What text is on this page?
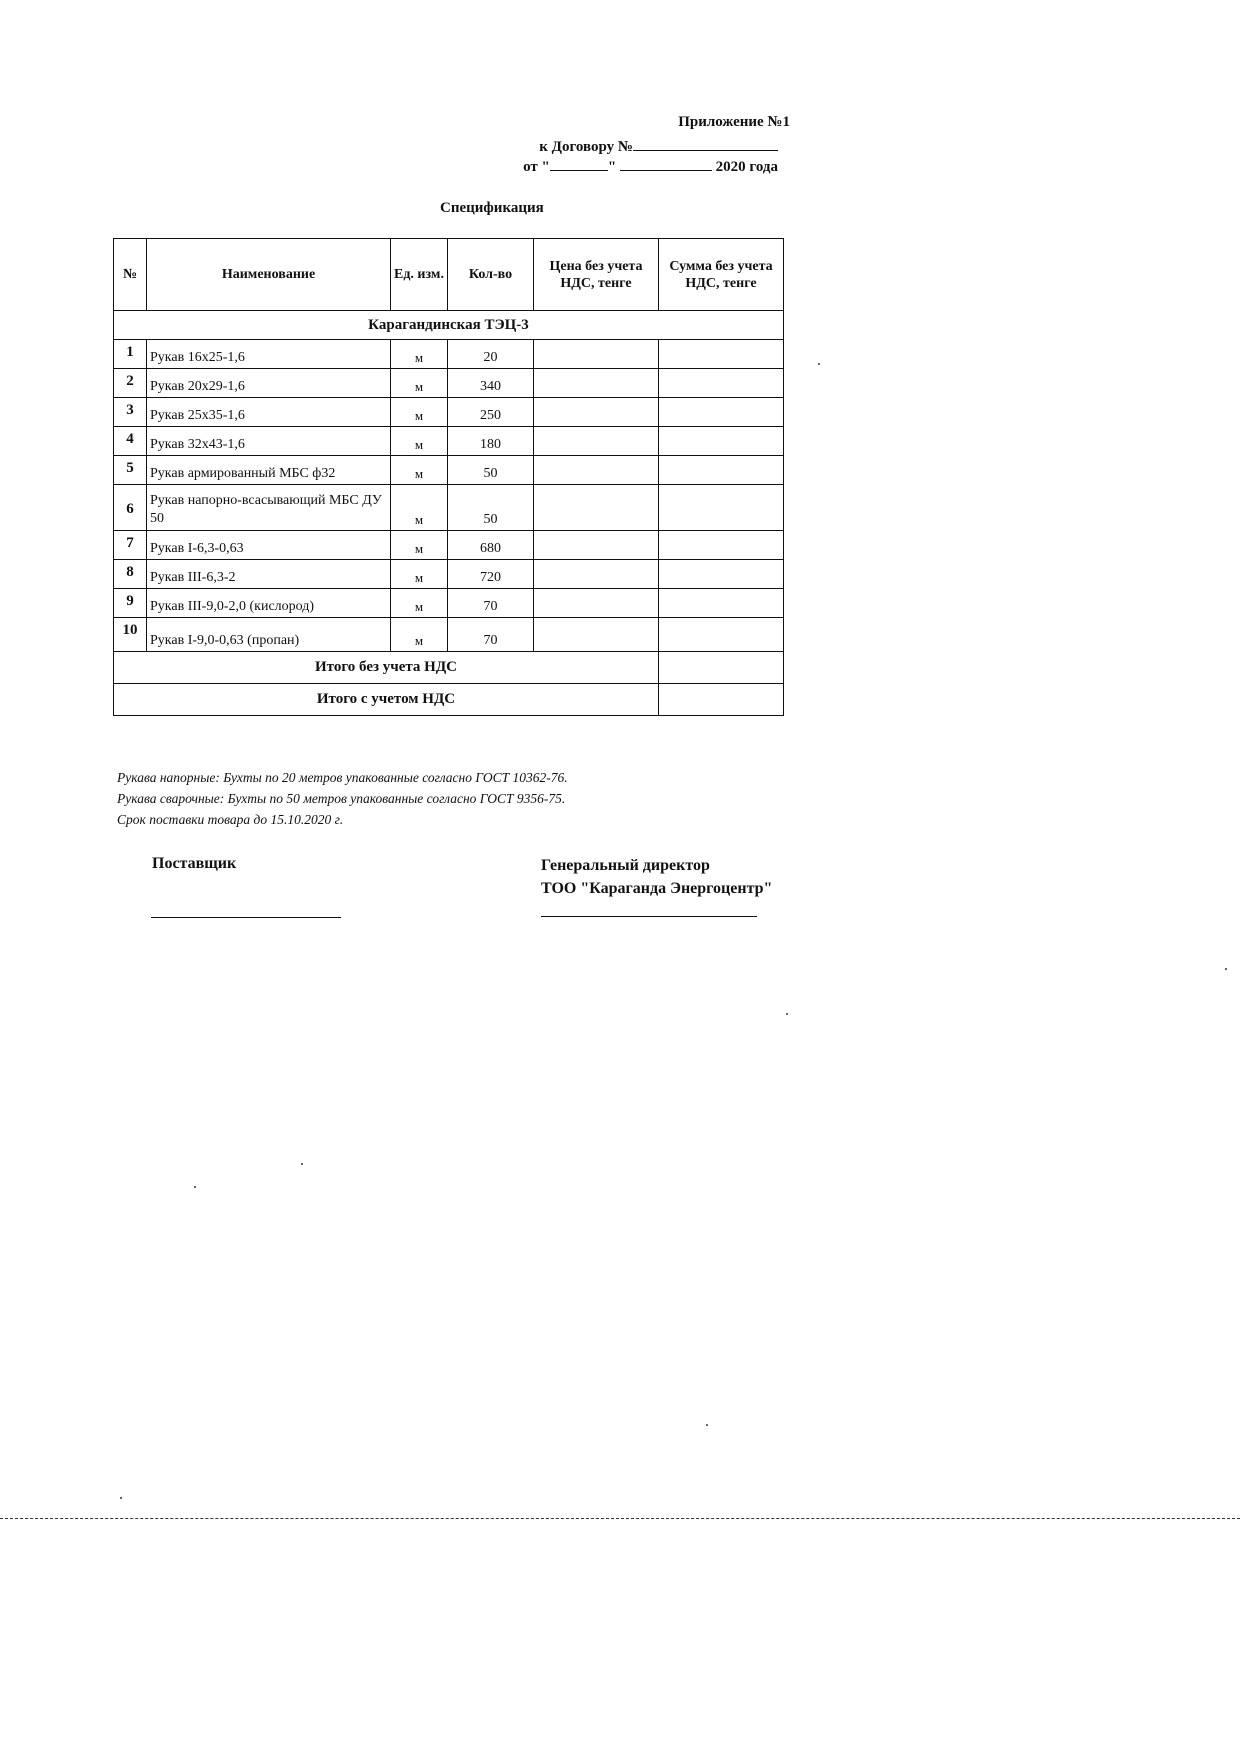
Приложение №1
к Договору №
от "	"	2020 года
Спецификация
№	Наименование	Ед. изм.	Кол-во	Цена без учета НДС, тенге	Сумма без учета НДС, тенге
Карагандинская ТЭЦ-3					
1	Рукав 16х25-1,6	м	20		
2	Рукав 20х29-1,6	м	340		
3	Рукав 25х35-1,6	м	250		
4	Рукав 32х43-1,6	м	180		
5	Рукав армированный МБС ф32	м	50		
6	Рукав напорно-всасывающий МБС ДУ 50	м	50		
7	Рукав I-6,3-0,63	м	680		
8	Рукав III-6,3-2	м	720		
9	Рукав III-9,0-2,0 (кислород)	м	70		
10	Рукав I-9,0-0,63 (пропан)	м	70		
Итого без учета НДС					
Итого с учетом НДС					
Рукава напорные: Бухты по 20 метров упакованные согласно ГОСТ 10362-76.
Рукава сварочные: Бухты по 50 метров упакованные согласно ГОСТ 9356-75.
Срок поставки товара до 15.10.2020 г.
Поставщик	Генеральный директор
ТОО "Караганда Энергоцентр"
